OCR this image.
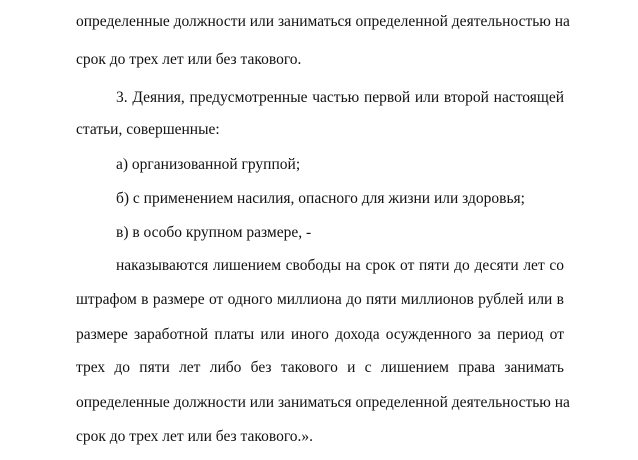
определенные должности или заниматься определенной деятельностью на
срок до трех лет или без такового.
3. Деяния, предусмотренные частью первой или второй настоящей
статьи, совершенные:
а) организованной группой;
б) с применением насилия, опасного для жизни или здоровья;
в) в особо крупном размере, -
наказываются лишением свободы на срок от пяти до десяти лет со
штрафом в размере от одного миллиона до пяти миллионов рублей или в
размере заработной платы или иного дохода осужденного за период от
трех до пяти лет либо без такового и с лишением права занимать
определенные должности или заниматься определенной деятельностью на
срок до трех лет или без такового.».
